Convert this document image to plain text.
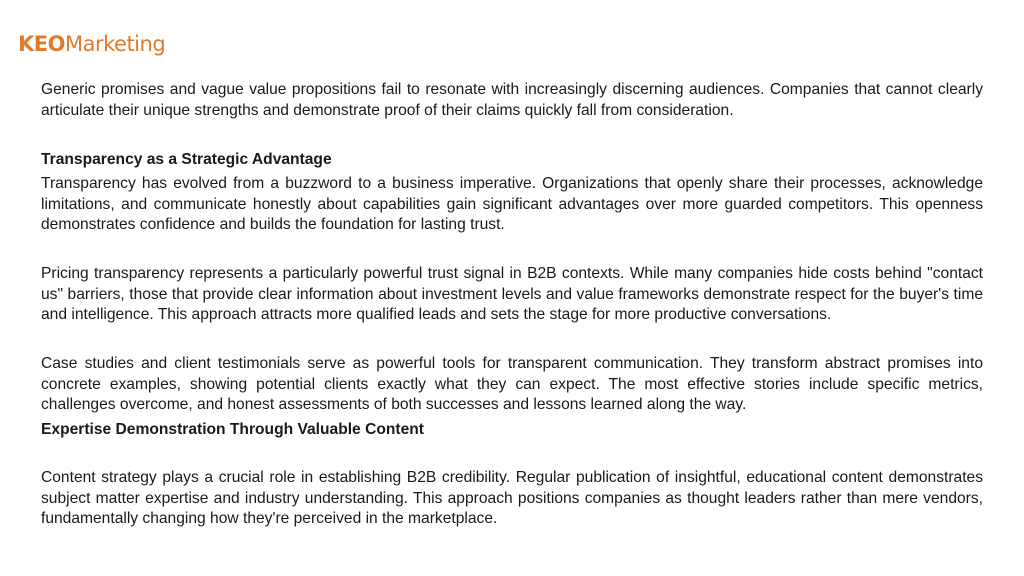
KEOMarketing

Generic promises and vague value propositions fail to resonate with increasingly discerning audiences. Companies that cannot clearly articulate their unique strengths and demonstrate proof of their claims quickly fall from consideration.

Transparency as a Strategic Advantage

Transparency has evolved from a buzzword to a business imperative. Organizations that openly share their processes, acknowledge limitations, and communicate honestly about capabilities gain significant advantages over more guarded competitors. This openness demonstrates confidence and builds the foundation for lasting trust.

Pricing transparency represents a particularly powerful trust signal in B2B contexts. While many companies hide costs behind "contact us" barriers, those that provide clear information about investment levels and value frameworks demonstrate respect for the buyer's time and intelligence. This approach attracts more qualified leads and sets the stage for more productive conversations.

Case studies and client testimonials serve as powerful tools for transparent communication. They transform abstract promises into concrete examples, showing potential clients exactly what they can expect. The most effective stories include specific metrics, challenges overcome, and honest assessments of both successes and lessons learned along the way.

Expertise Demonstration Through Valuable Content

Content strategy plays a crucial role in establishing B2B credibility. Regular publication of insightful, educational content demonstrates subject matter expertise and industry understanding. This approach positions companies as thought leaders rather than mere vendors, fundamentally changing how they're perceived in the marketplace.
